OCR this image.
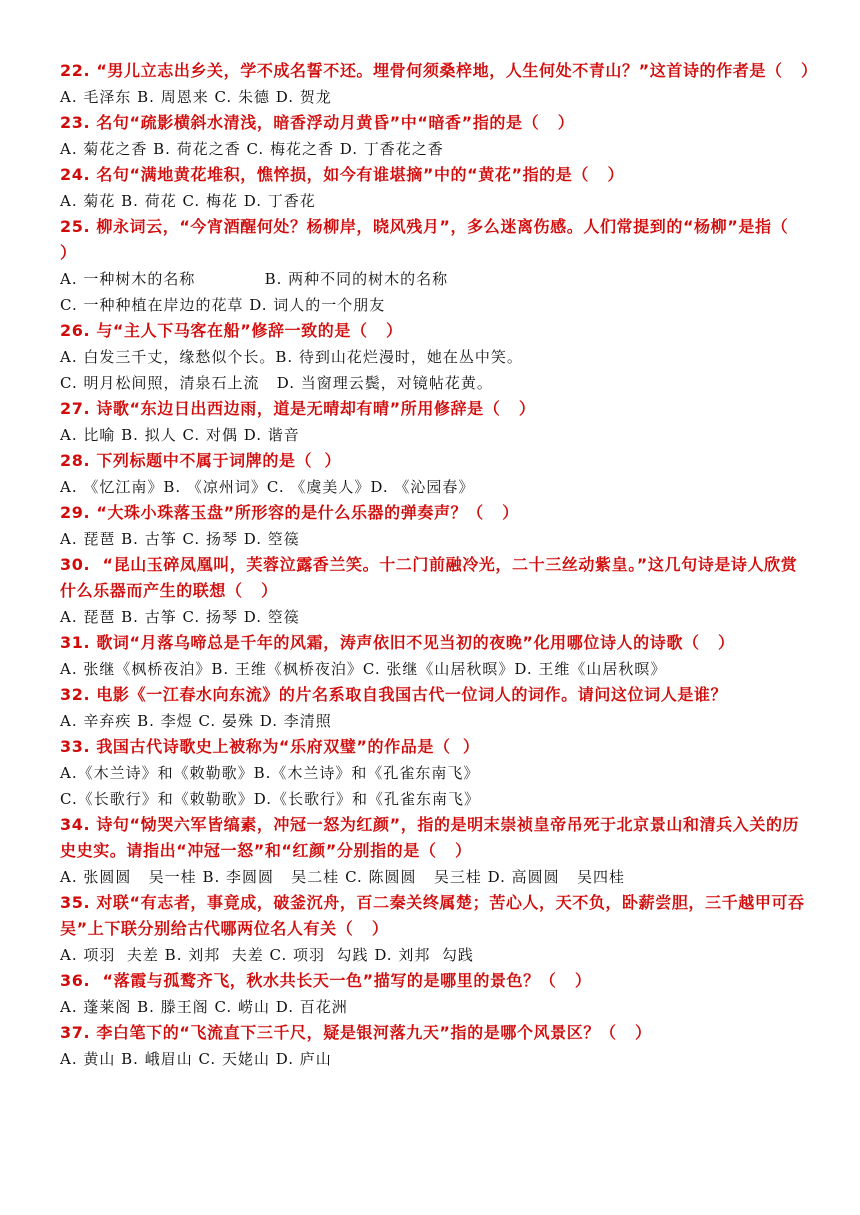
22. “男儿立志出乡关，学不成名誓不还。埋骨何须桑梓地，人生何处不青山？”这首诗的作者是（   ）

A. 毛泽东 B. 周恩来 C. 朱德 D. 贺龙

23. 名句“疏影横斜水清浅，暗香浮动月黄昏”中“暗香”指的是（   ）

A. 菊花之香 B. 荷花之香 C. 梅花之香 D. 丁香花之香

24. 名句“满地黄花堆积，憔悴损，如今有谁堪摘”中的“黄花”指的是（   ）

A. 菊花 B. 荷花 C. 梅花 D. 丁香花

25. 柳永词云，“今宵酒醒何处？杨柳岸，晓风残月”，多么迷离伤感。人们常提到的“杨柳”是指（   ）

A. 一种树木的名称            B. 两种不同的树木的名称

C. 一种种植在岸边的花草 D. 词人的一个朋友

26. 与“主人下马客在船”修辞一致的是（   ）

A. 白发三千丈，缘愁似个长。B. 待到山花烂漫时，她在丛中笑。

C. 明月松间照，清泉石上流   D. 当窗理云鬓，对镜帖花黄。

27. 诗歌“东边日出西边雨，道是无晴却有晴”所用修辞是（   ）

A. 比喻 B. 拟人 C. 对偶 D. 谐音

28. 下列标题中不属于词牌的是（  ）

A. 《忆江南》B. 《凉州词》C. 《虞美人》D. 《沁园春》

29. “大珠小珠落玉盘”所形容的是什么乐器的弹奏声？（   ）

A. 琵琶 B. 古筝 C. 扬琴 D. 箜篌

30.  “昆山玉碎凤凰叫，芙蓉泣露香兰笑。十二门前融冷光，二十三丝动紫皇。”这几句诗是诗人欣赏什么乐器而产生的联想（   ）

A. 琵琶 B. 古筝 C. 扬琴 D. 箜篌

31. 歌词“月落乌啼总是千年的风霜，涛声依旧不见当初的夜晚”化用哪位诗人的诗歌（   ）

A. 张继《枫桥夜泊》B. 王维《枫桥夜泊》C. 张继《山居秋暝》D. 王维《山居秋暝》

32. 电影《一江春水向东流》的片名系取自我国古代一位词人的词作。请问这位词人是谁？

A. 辛弃疾 B. 李煜 C. 晏殊 D. 李清照

33. 我国古代诗歌史上被称为“乐府双璧”的作品是（  ）

A.《木兰诗》和《敕勒歌》B.《木兰诗》和《孔雀东南飞》

C.《长歌行》和《敕勒歌》D.《长歌行》和《孔雀东南飞》

34. 诗句“恸哭六军皆缟素，冲冠一怒为红颜”，指的是明末崇祯皇帝吊死于北京景山和清兵入关的历史史实。请指出“冲冠一怒”和“红颜”分别指的是（   ）

A. 张圆圆   吴一桂 B. 李圆圆   吴二桂 C. 陈圆圆   吴三桂 D. 高圆圆   吴四桂

35. 对联“有志者，事竟成，破釜沉舟，百二秦关终属楚；苦心人，天不负，卧薪尝胆，三千越甲可吞吴”上下联分别给古代哪两位名人有关（   ）

A. 项羽  夫差 B. 刘邦  夫差 C. 项羽  勾践 D. 刘邦  勾践

36.  “落霞与孤鹜齐飞，秋水共长天一色”描写的是哪里的景色？（   ）

A. 蓬莱阁 B. 滕王阁 C. 崂山 D. 百花洲

37. 李白笔下的“飞流直下三千尺，疑是银河落九天”指的是哪个风景区？（   ）

A. 黄山 B. 峨眉山 C. 天姥山 D. 庐山
